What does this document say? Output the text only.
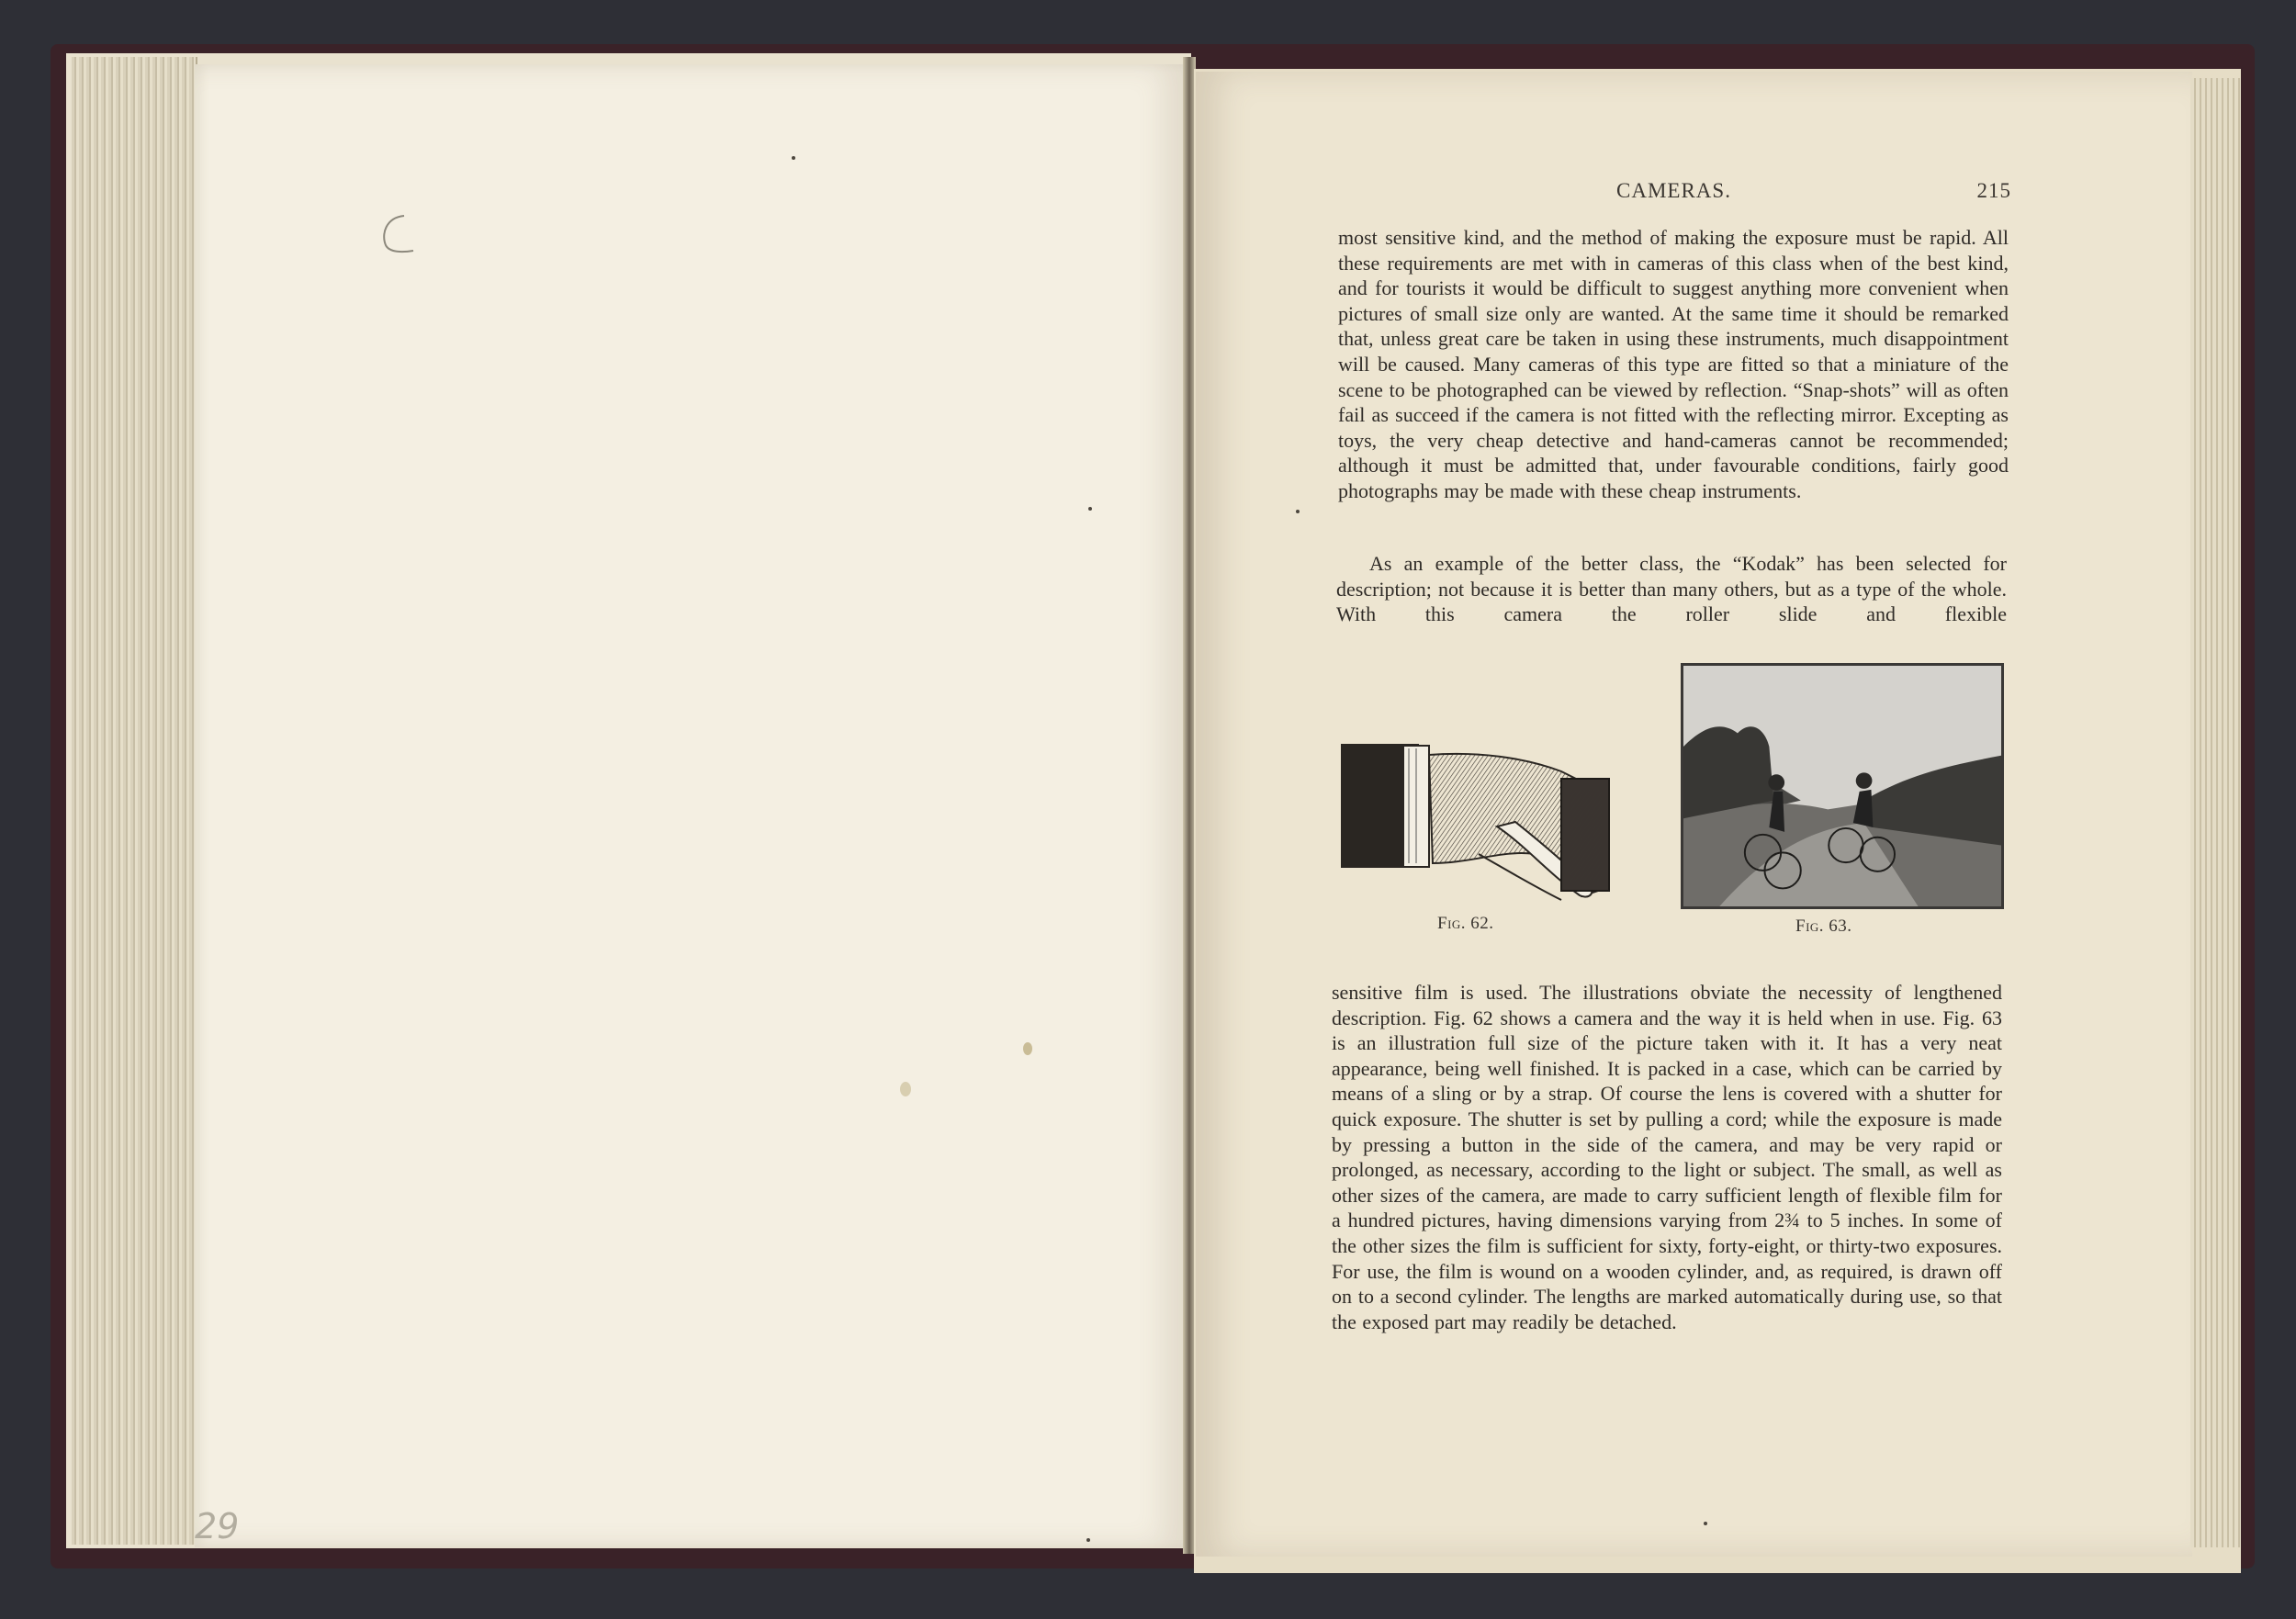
29
CAMERAS.	215

most sensitive kind, and the method of making the exposure must be rapid. All these requirements are met with in cameras of this class when of the best kind, and for tourists it would be difficult to suggest anything more convenient when pictures of small size only are wanted. At the same time it should be remarked that, unless great care be taken in using these instruments, much disappointment will be caused. Many cameras of this type are fitted so that a miniature of the scene to be photographed can be viewed by reflection. “Snap-shots” will as often fail as succeed if the camera is not fitted with the reflecting mirror. Excepting as toys, the very cheap detective and hand-cameras cannot be recommended; although it must be admitted that, under favourable conditions, fairly good photographs may be made with these cheap instruments.

As an example of the better class, the “Kodak” has been selected for description; not because it is better than many others, but as a type of the whole. With this camera the roller slide and flexible

Fig. 62.	Fig. 63.

sensitive film is used. The illustrations obviate the necessity of lengthened description. Fig. 62 shows a camera and the way it is held when in use. Fig. 63 is an illustration full size of the picture taken with it. It has a very neat appearance, being well finished. It is packed in a case, which can be carried by means of a sling or by a strap. Of course the lens is covered with a shutter for quick exposure. The shutter is set by pulling a cord; while the exposure is made by pressing a button in the side of the camera, and may be very rapid or prolonged, as necessary, according to the light or subject. The small, as well as other sizes of the camera, are made to carry sufficient length of flexible film for a hundred pictures, having dimensions varying from 2¾ to 5 inches. In some of the other sizes the film is sufficient for sixty, forty-eight, or thirty-two exposures. For use, the film is wound on a wooden cylinder, and, as required, is drawn off on to a second cylinder. The lengths are marked automatically during use, so that the exposed part may readily be detached.
